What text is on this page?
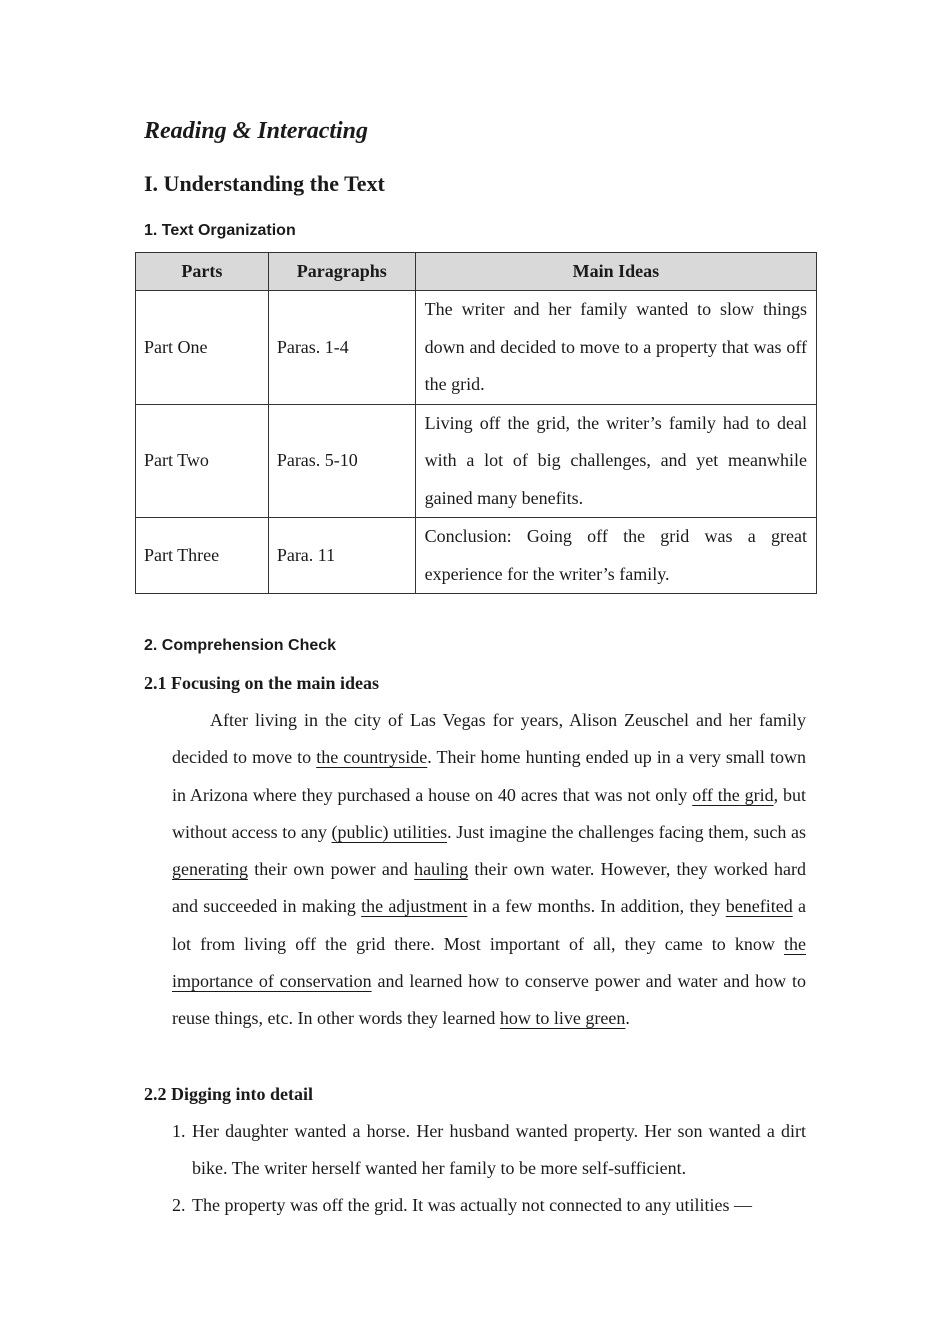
Reading & Interacting
I. Understanding the Text
1. Text Organization
Parts	Paragraphs	Main Ideas
Part One	Paras. 1-4	The writer and her family wanted to slow things down and decided to move to a property that was off the grid.
Part Two	Paras. 5-10	Living off the grid, the writer’s family had to deal with a lot of big challenges, and yet meanwhile gained many benefits.
Part Three	Para. 11	Conclusion: Going off the grid was a great experience for the writer’s family.
2. Comprehension Check
2.1 Focusing on the main ideas
After living in the city of Las Vegas for years, Alison Zeuschel and her family decided to move to the countryside. Their home hunting ended up in a very small town in Arizona where they purchased a house on 40 acres that was not only off the grid, but without access to any (public) utilities. Just imagine the challenges facing them, such as generating their own power and hauling their own water. However, they worked hard and succeeded in making the adjustment in a few months. In addition, they benefited a lot from living off the grid there. Most important of all, they came to know the importance of conservation and learned how to conserve power and water and how to reuse things, etc. In other words they learned how to live green.
2.2 Digging into detail
1. Her daughter wanted a horse. Her husband wanted property. Her son wanted a dirt bike. The writer herself wanted her family to be more self-sufficient.
2. The property was off the grid. It was actually not connected to any utilities —
